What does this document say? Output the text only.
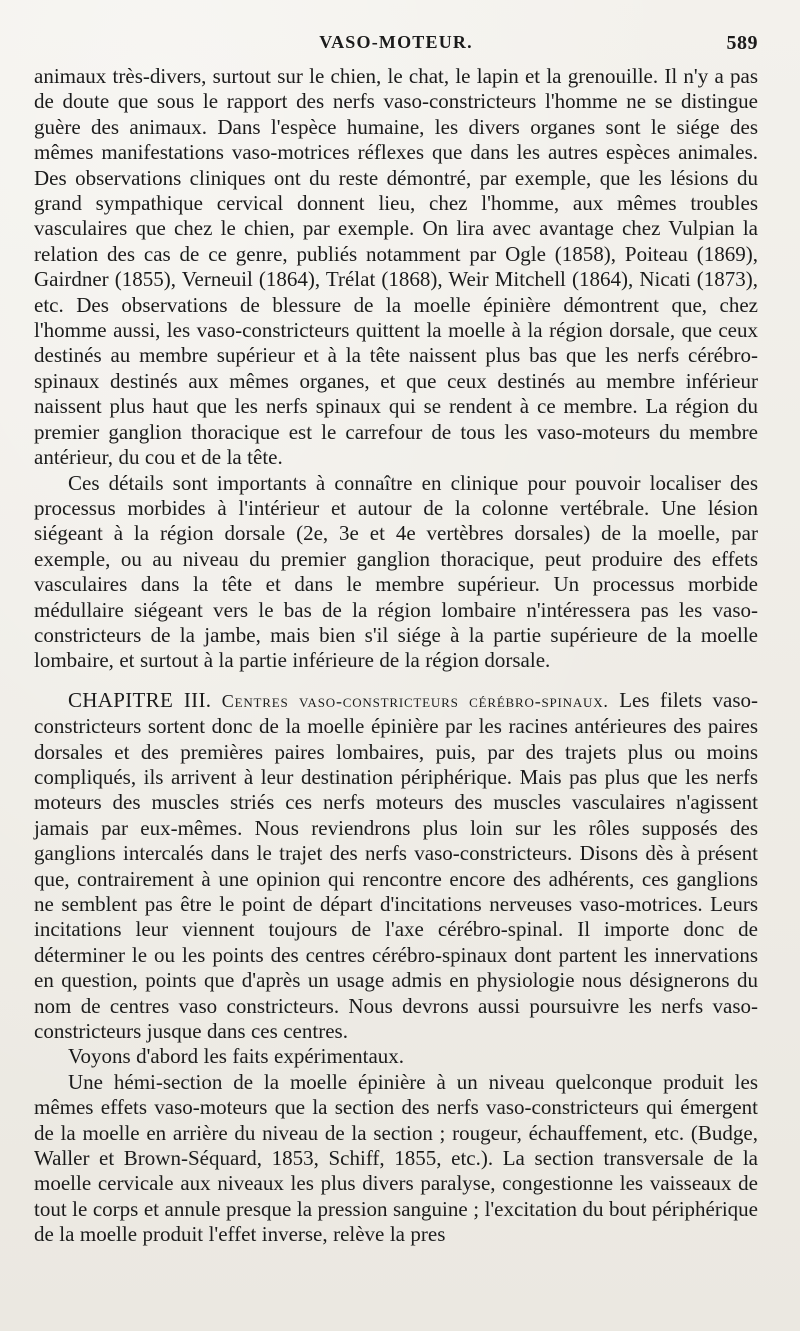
VASO-MOTEUR.	589

animaux très-divers, surtout sur le chien, le chat, le lapin et la grenouille. Il n'y a pas de doute que sous le rapport des nerfs vaso-constricteurs l'homme ne se distingue guère des animaux. Dans l'espèce humaine, les divers organes sont le siége des mêmes manifestations vaso-motrices réflexes que dans les autres espèces animales. Des observations cliniques ont du reste démontré, par exemple, que les lésions du grand sympathique cervical donnent lieu, chez l'homme, aux mêmes troubles vasculaires que chez le chien, par exemple. On lira avec avantage chez Vulpian la relation des cas de ce genre, publiés notamment par Ogle (1858), Poiteau (1869), Gairdner (1855), Verneuil (1864), Trélat (1868), Weir Mitchell (1864), Nicati (1873), etc. Des observations de blessure de la moelle épinière démontrent que, chez l'homme aussi, les vaso-constricteurs quittent la moelle à la région dorsale, que ceux destinés au membre supérieur et à la tête naissent plus bas que les nerfs cérébro-spinaux destinés aux mêmes organes, et que ceux destinés au membre inférieur naissent plus haut que les nerfs spinaux qui se rendent à ce membre. La région du premier ganglion thoracique est le carrefour de tous les vaso-moteurs du membre antérieur, du cou et de la tête.

Ces détails sont importants à connaître en clinique pour pouvoir localiser des processus morbides à l'intérieur et autour de la colonne vertébrale. Une lésion siégeant à la région dorsale (2e, 3e et 4e vertèbres dorsales) de la moelle, par exemple, ou au niveau du premier ganglion thoracique, peut produire des effets vasculaires dans la tête et dans le membre supérieur. Un processus morbide médullaire siégeant vers le bas de la région lombaire n'intéressera pas les vaso-constricteurs de la jambe, mais bien s'il siége à la partie supérieure de la moelle lombaire, et surtout à la partie inférieure de la région dorsale.

CHAPITRE III. Centres vaso-constricteurs cérébro-spinaux. Les filets vaso-constricteurs sortent donc de la moelle épinière par les racines antérieures des paires dorsales et des premières paires lombaires, puis, par des trajets plus ou moins compliqués, ils arrivent à leur destination périphérique. Mais pas plus que les nerfs moteurs des muscles striés ces nerfs moteurs des muscles vasculaires n'agissent jamais par eux-mêmes. Nous reviendrons plus loin sur les rôles supposés des ganglions intercalés dans le trajet des nerfs vaso-constricteurs. Disons dès à présent que, contrairement à une opinion qui rencontre encore des adhérents, ces ganglions ne semblent pas être le point de départ d'incitations nerveuses vaso-motrices. Leurs incitations leur viennent toujours de l'axe cérébro-spinal. Il importe donc de déterminer le ou les points des centres cérébro-spinaux dont partent les innervations en question, points que d'après un usage admis en physiologie nous désignerons du nom de centres vaso constricteurs. Nous devrons aussi poursuivre les nerfs vaso-constricteurs jusque dans ces centres.

Voyons d'abord les faits expérimentaux.

Une hémi-section de la moelle épinière à un niveau quelconque produit les mêmes effets vaso-moteurs que la section des nerfs vaso-constricteurs qui émergent de la moelle en arrière du niveau de la section ; rougeur, échauffement, etc. (Budge, Waller et Brown-Séquard, 1853, Schiff, 1855, etc.). La section transversale de la moelle cervicale aux niveaux les plus divers paralyse, congestionne les vaisseaux de tout le corps et annule presque la pression sanguine ; l'excitation du bout périphérique de la moelle produit l'effet inverse, relève la pres
